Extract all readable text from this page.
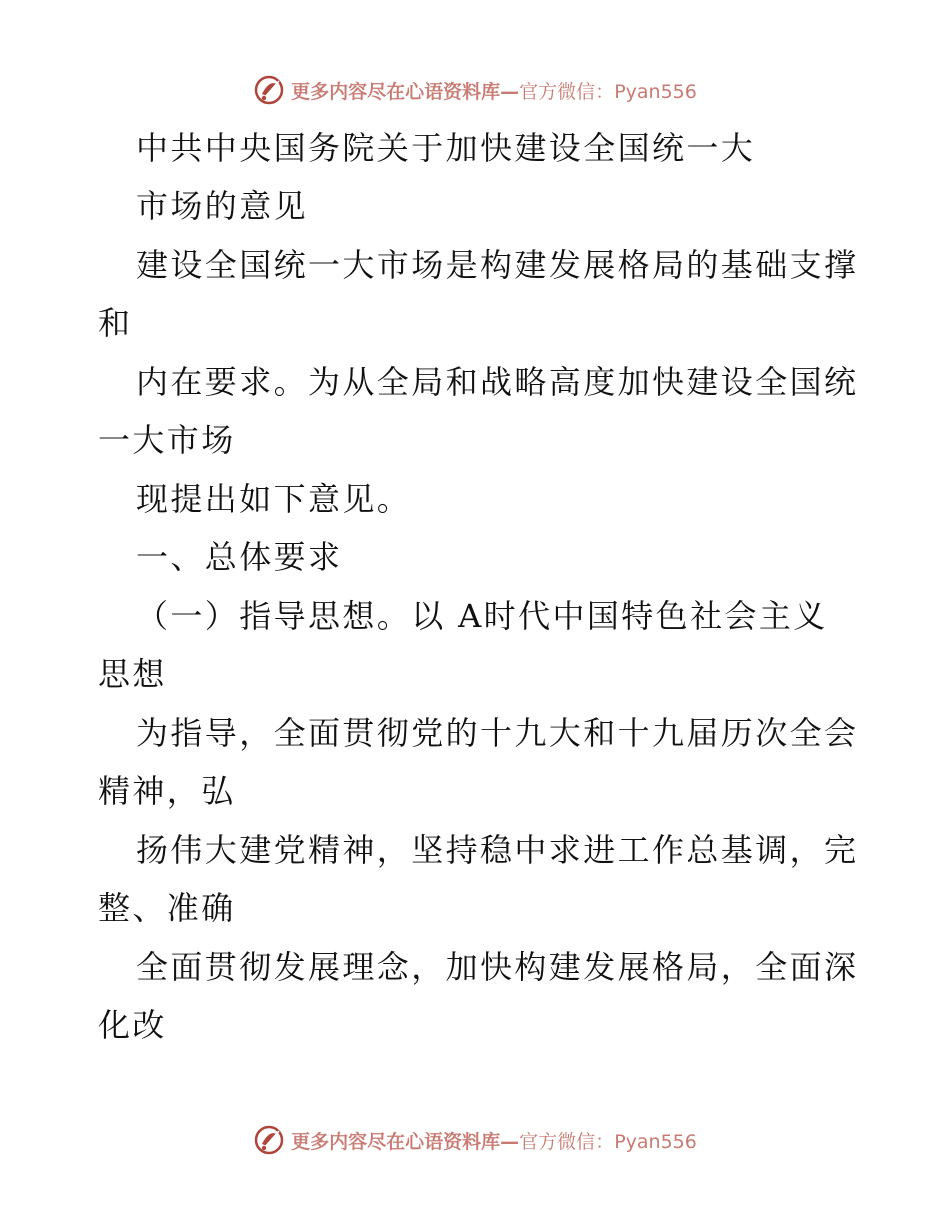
更多内容尽在心语资料库—官方微信：Pyan556
中共中央国务院关于加快建设全国统一大
市场的意见
建设全国统一大市场是构建发展格局的基础支撑
和
内在要求。为从全局和战略高度加快建设全国统
一大市场
现提出如下意见。
一、总体要求
（一）指导思想。以 A时代中国特色社会主义
思想
为指导，全面贯彻党的十九大和十九届历次全会
精神，弘
扬伟大建党精神，坚持稳中求进工作总基调，完
整、准确
全面贯彻发展理念，加快构建发展格局，全面深
化改
更多内容尽在心语资料库—官方微信：Pyan556
